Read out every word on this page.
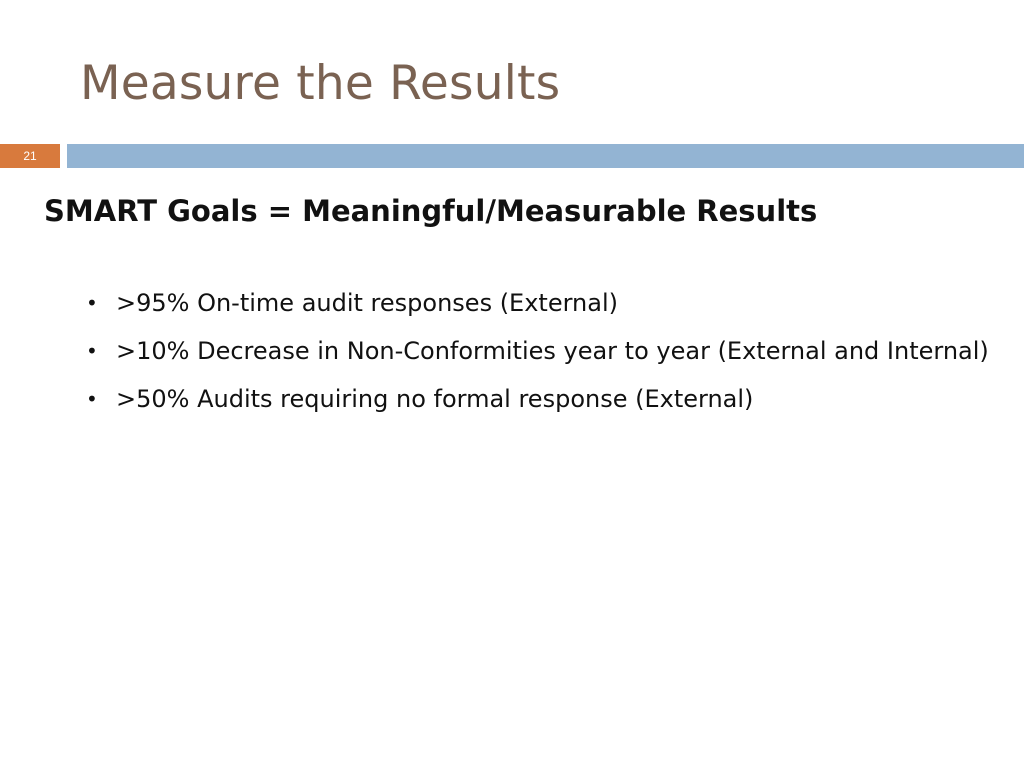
Measure the Results
21
SMART Goals = Meaningful/Measurable Results
• >95% On-time audit responses (External)
• >10% Decrease in Non-Conformities year to year (External and Internal)
• >50% Audits requiring no formal response (External)
